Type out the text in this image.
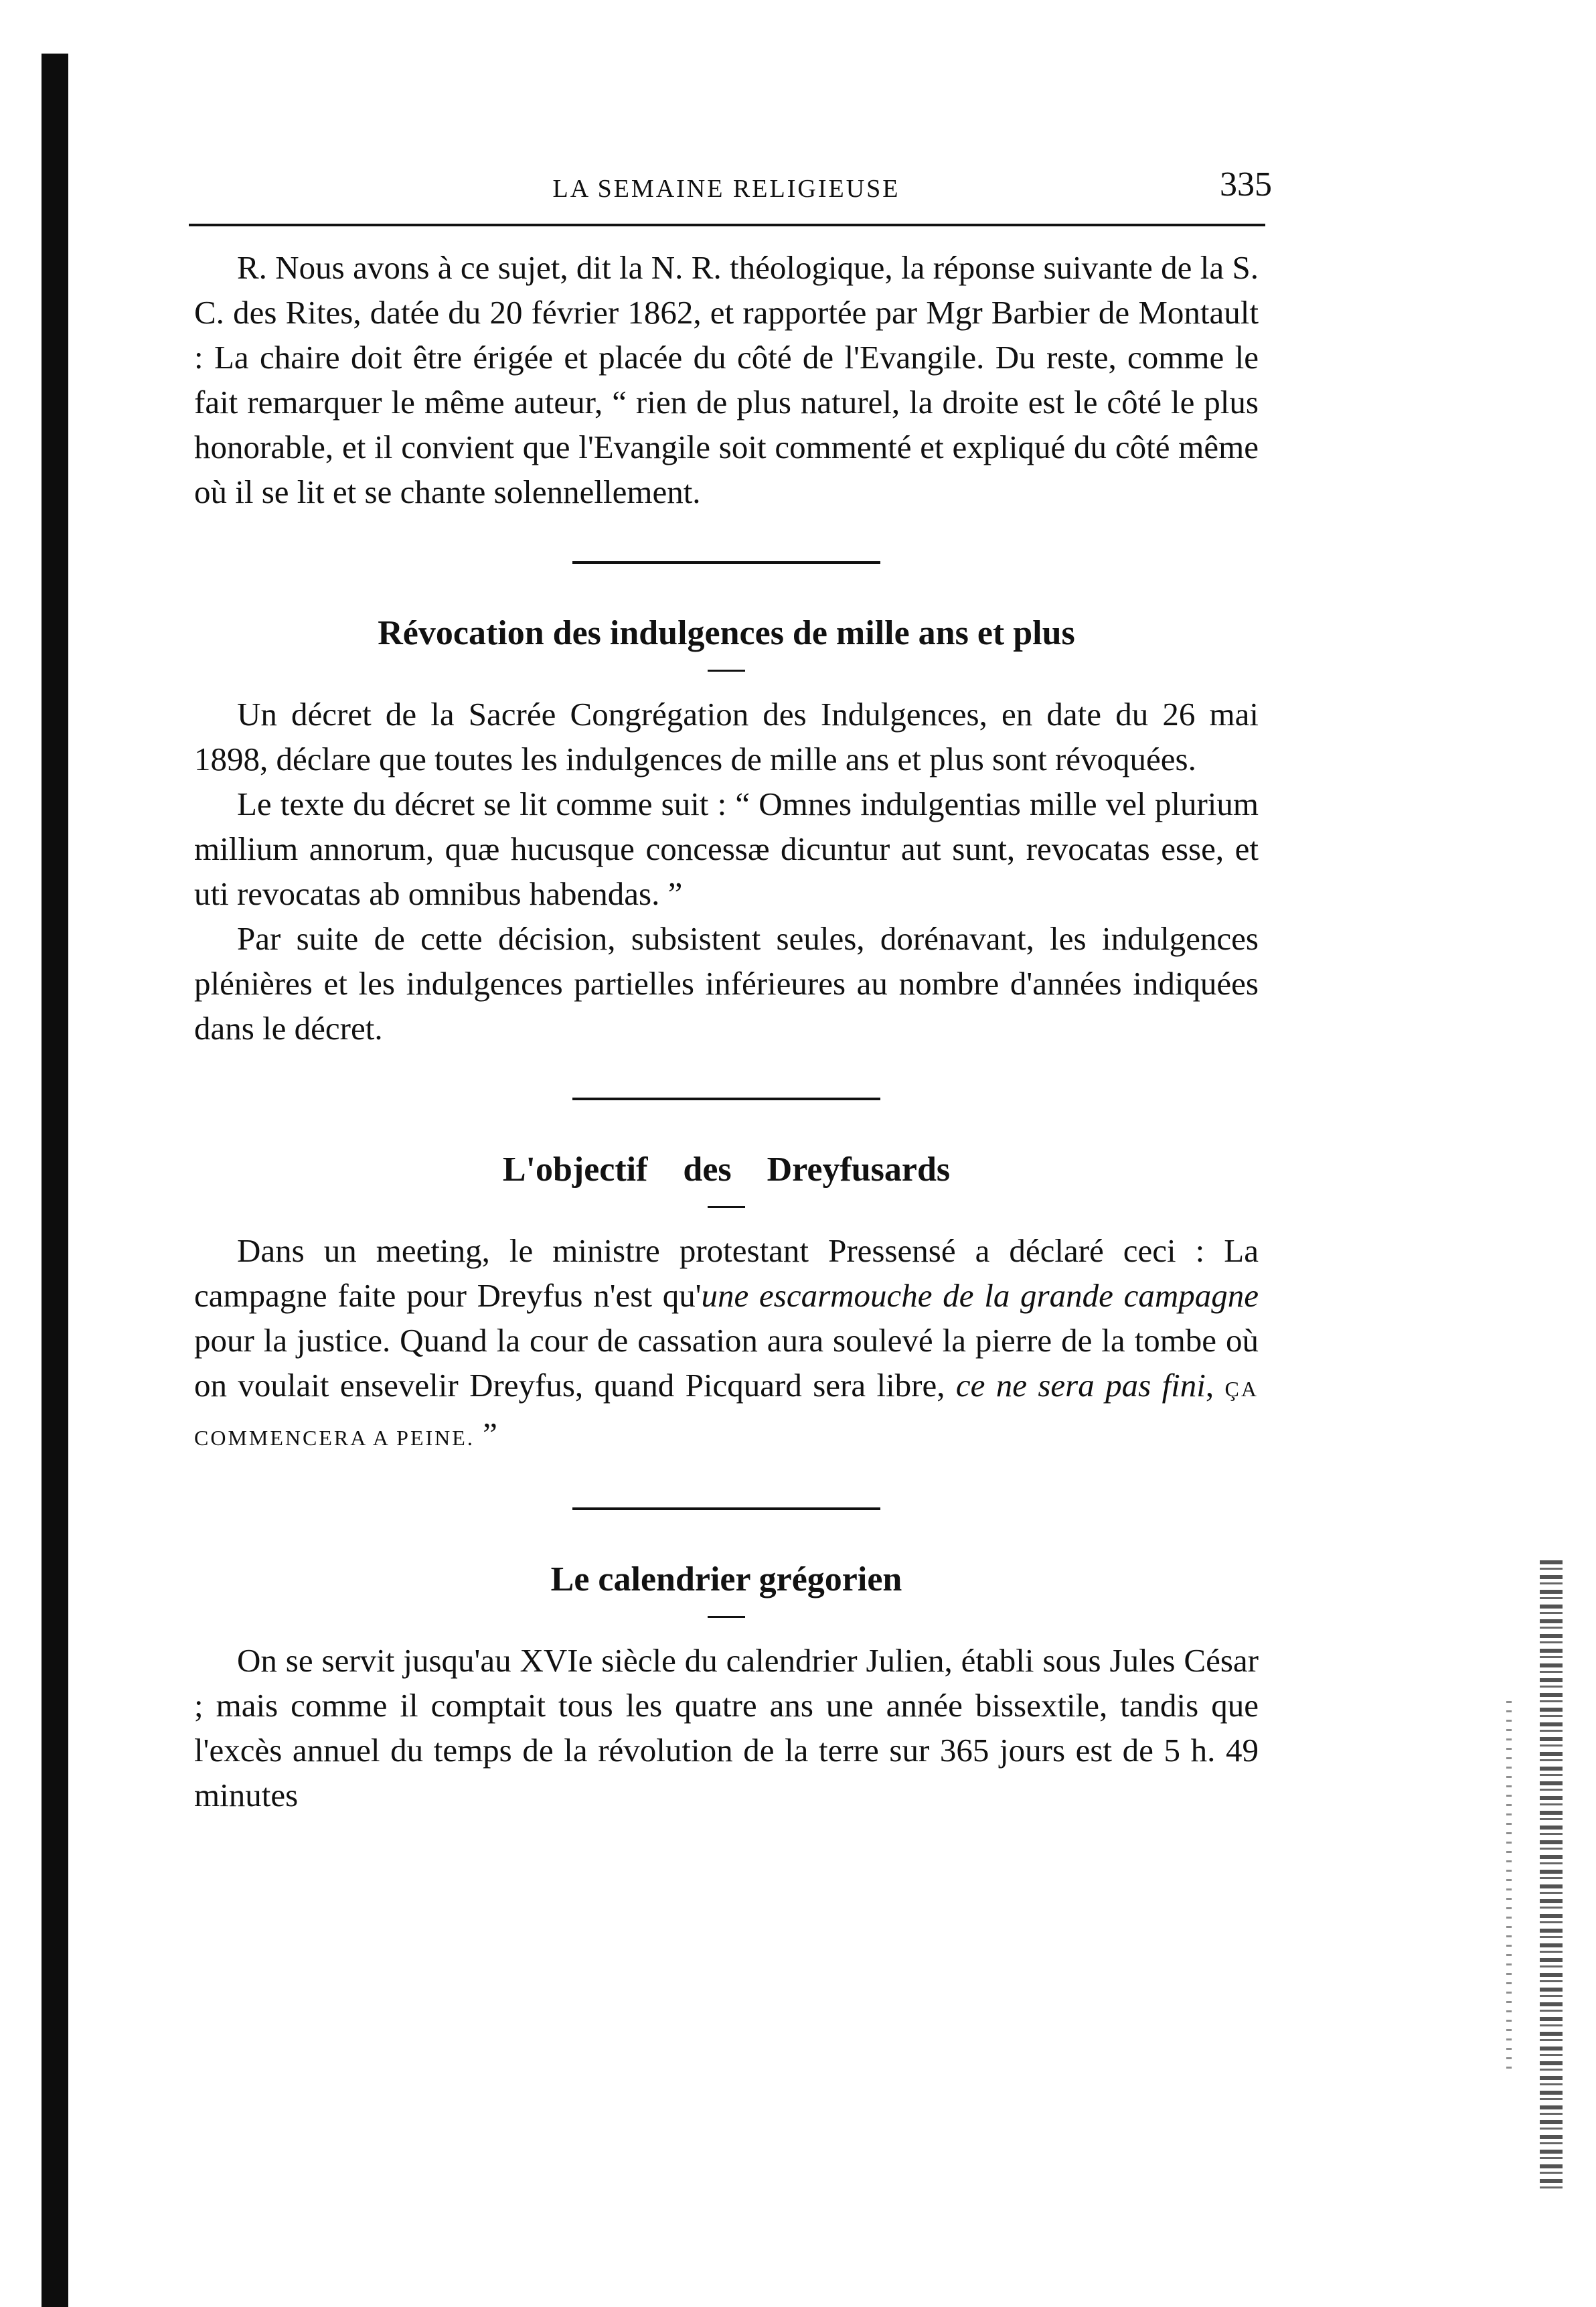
LA SEMAINE RELIGIEUSE	335

R. Nous avons à ce sujet, dit la N. R. théologique, la réponse suivante de la S. C. des Rites, datée du 20 février 1862, et rapportée par Mgr Barbier de Montault : La chaire doit être érigée et placée du côté de l'Evangile. Du reste, comme le fait remarquer le même auteur, “ rien de plus naturel, la droite est le côté le plus honorable, et il convient que l'Evangile soit commenté et expliqué du côté même où il se lit et se chante solennellement.

Révocation des indulgences de mille ans et plus

Un décret de la Sacrée Congrégation des Indulgences, en date du 26 mai 1898, déclare que toutes les indulgences de mille ans et plus sont révoquées.

Le texte du décret se lit comme suit : “ Omnes indulgentias mille vel plurium millium annorum, quæ hucusque concessæ dicuntur aut sunt, revocatas esse, et uti revocatas ab omnibus habendas. ”

Par suite de cette décision, subsistent seules, dorénavant, les indulgences plénières et les indulgences partielles inférieures au nombre d'années indiquées dans le décret.

L'objectif des Dreyfusards

Dans un meeting, le ministre protestant Pressensé a déclaré ceci : La campagne faite pour Dreyfus n'est qu'une escarmouche de la grande campagne pour la justice. Quand la cour de cassation aura soulevé la pierre de la tombe où on voulait ensevelir Dreyfus, quand Picquard sera libre, ce ne sera pas fini, ÇA COMMENCERA A PEINE. ”

Le calendrier grégorien

On se servit jusqu'au XVIe siècle du calendrier Julien, établi sous Jules César ; mais comme il comptait tous les quatre ans une année bissextile, tandis que l'excès annuel du temps de la révolution de la terre sur 365 jours est de 5 h. 49 minutes
